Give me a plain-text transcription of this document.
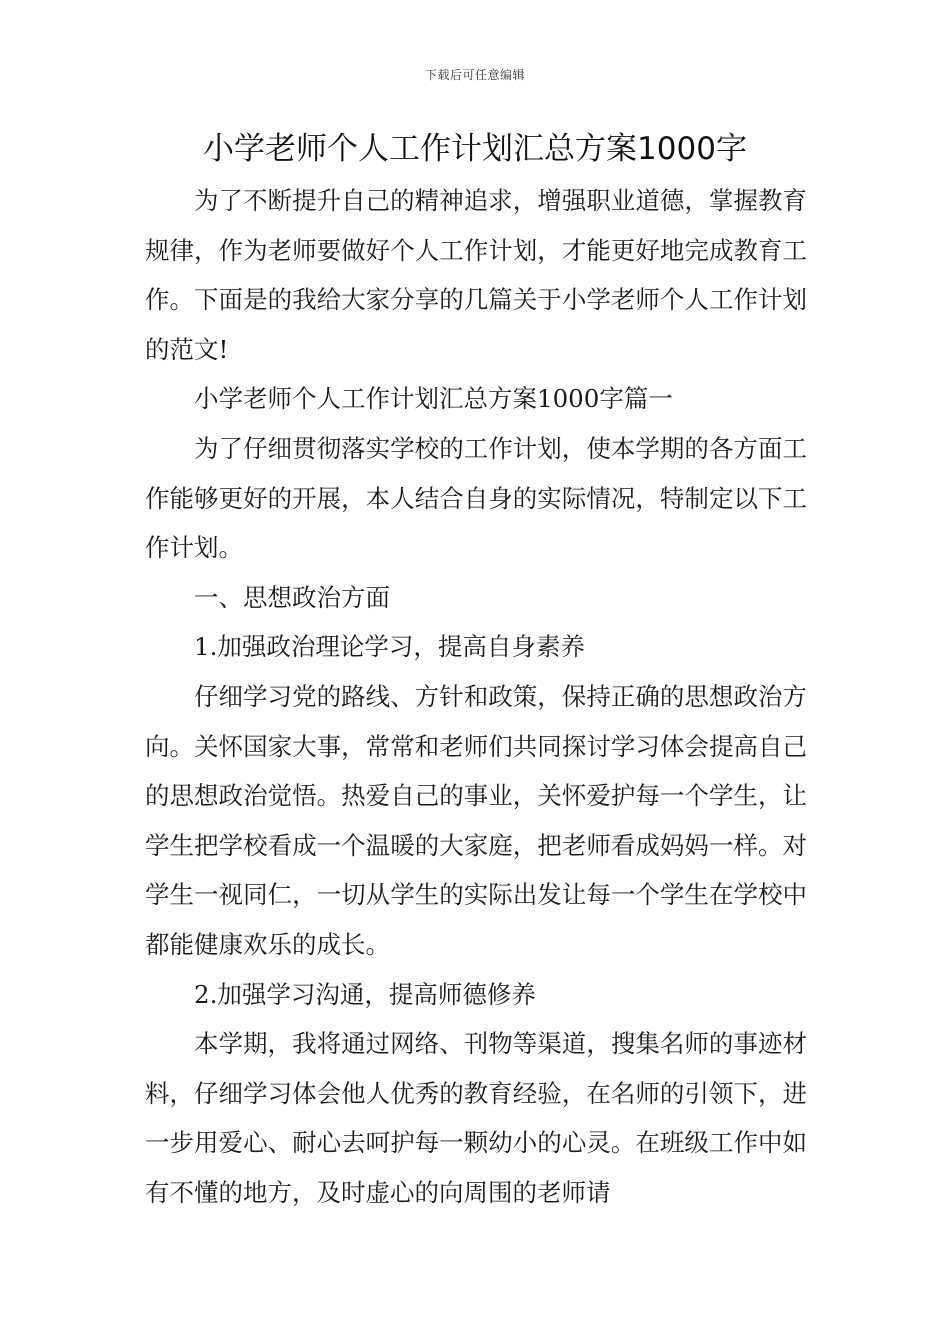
下载后可任意编辑
小学老师个人工作计划汇总方案1000字

为了不断提升自己的精神追求，增强职业道德，掌握教育规律，作为老师要做好个人工作计划，才能更好地完成教育工作。下面是的我给大家分享的几篇关于小学老师个人工作计划的范文!

小学老师个人工作计划汇总方案1000字篇一

为了仔细贯彻落实学校的工作计划，使本学期的各方面工作能够更好的开展，本人结合自身的实际情况，特制定以下工作计划。

一、思想政治方面

1.加强政治理论学习，提高自身素养

仔细学习党的路线、方针和政策，保持正确的思想政治方向。关怀国家大事，常常和老师们共同探讨学习体会提高自己的思想政治觉悟。热爱自己的事业，关怀爱护每一个学生，让学生把学校看成一个温暖的大家庭，把老师看成妈妈一样。对学生一视同仁，一切从学生的实际出发让每一个学生在学校中都能健康欢乐的成长。

2.加强学习沟通，提高师德修养

本学期，我将通过网络、刊物等渠道，搜集名师的事迹材料，仔细学习体会他人优秀的教育经验，在名师的引领下，进一步用爱心、耐心去呵护每一颗幼小的心灵。在班级工作中如有不懂的地方，及时虚心的向周围的老师请
